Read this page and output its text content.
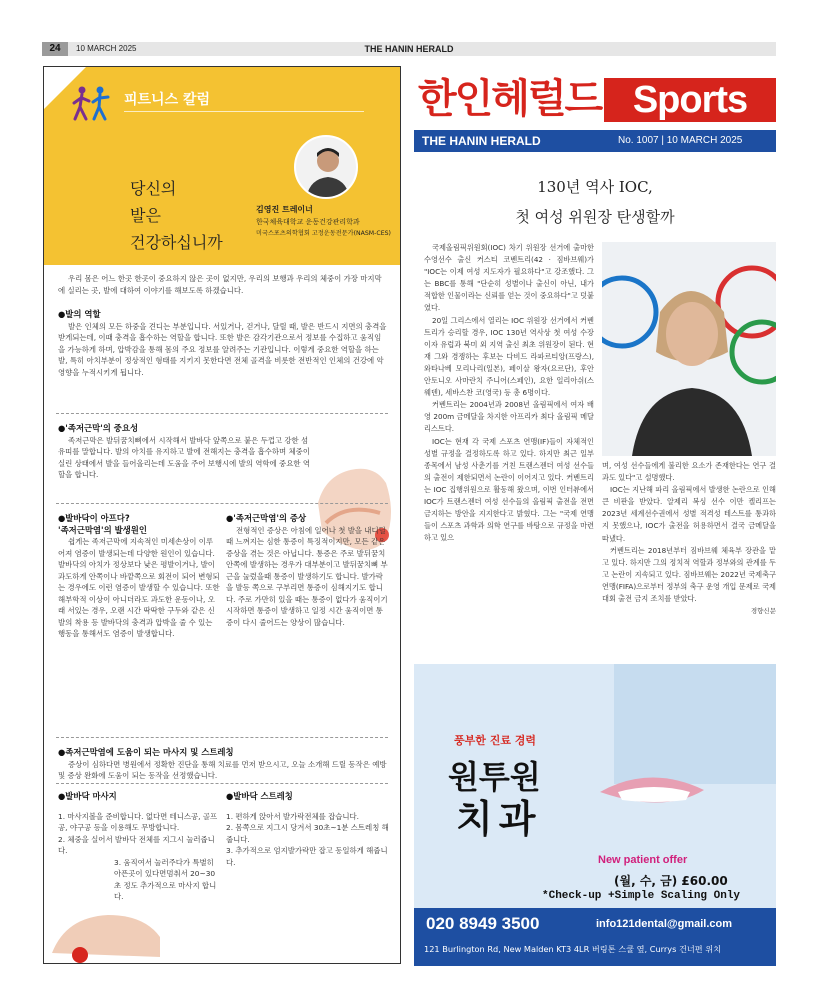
24	10 MARCH 2025	THE HANIN HERALD
피트니스 칼럼
당신의
발은
건강하십니까
김영진 트레이너
한국체육대학교 운동건강관리학과
미국스포츠의학협회 고정운동전문가(NASM-CES)

우리 몸은 어느 한곳 한곳이 중요하지 않은 곳이 없지만, 우리의 보행과 우리의 체중이 가장 마지막에 실리는 곳, 발에 대하여 이야기를 해보도록 하겠습니다.

●발의 역할

발은 인체의 모든 하중을 견디는 부분입니다. 서있거나, 걷거나, 달릴 때, 발은 반드시 지면의 충격을 받게되는데, 이때 충격을 흡수하는 역할을 합니다. 또한 발은 감각기관으로서 정보를 수집하고 움직임을 가능하게 하며, 압박감을 통해 몸의 주요 정보를 알려주는 기관입니다. 이렇게 중요한 역할을 하는 발, 특히 아치부분이 정상적인 형태를 지키지 못한다면 전체 골격을 비롯한 전반적인 인체의 건강에 악영향을 누적시키게 됩니다.

●'족저근막'의 중요성

족저근막은 발뒤꿈치뼈에서 시작해서 발바닥 앞쪽으로 붙은 두껍고 강한 섬유띠를 말합니다. 발의 아치를 유지하고 발에 전해지는 충격을 흡수하며 체중이 실린 상태에서 발을 들어올리는데 도움을 주어 보행시에 발의 역학에 중요한 역할을 합니다.

●발바닥이 아프다?
'족저근막염'의 발생원인

쉽게는 족저근막에 지속적인 미세손상이 이루어져 염증이 발생되는데 다양한 원인이 있습니다. 발바닥의 아치가 정상보다 낮은 평발이거나, 발이 과도하게 안쪽이나 바깥쪽으로 회전이 되어 변형되는 경우에도 이런 염증이 발생할 수 있습니다. 또한 해부학적 이상이 아니더라도 과도한 운동이나, 오래 서있는 경우, 오랜 시간 딱딱한 구두와 같은 신발의 착용 등 발바닥의 충격과 압박을 줄 수 있는 행동을 통해서도 염증이 발생합니다.

●'족저근막염'의 증상

전형적인 증상은 아침에 일어나 첫 발을 내디딜 때 느껴지는 심한 통증이 특징적이지만, 모든 같은 증상을 겪는 것은 아닙니다. 통증은 주로 발뒤꿈치 안쪽에 발생하는 경우가 대부분이고 발뒤꿈치뼈 부근을 눌렀을때 통증이 발생하기도 합니다. 발가락을 발등 쪽으로 구부리면 통증이 심해지기도 합니다. 주로 가만히 있을 때는 통증이 없다가 움직이기 시작하면 통증이 발생하고 일정 시간 움직이면 통증이 다시 줄어드는 양상이 많습니다.

●족저근막염에 도움이 되는 마사지 및 스트레칭

증상이 심하다면 병원에서 정확한 진단을 통해 치료를 먼저 받으시고, 오늘 소개해 드릴 동작은 예방 및 증상 완화에 도움이 되는 동작을 선정했습니다.

●발바닥 마사지
1. 마사지볼을 준비합니다. 없다면 테니스공, 골프공, 야구공 등을 이용해도 무방합니다.
2. 체중을 실어서 발바닥 전체를 지그시 눌러줍니다.
3. 움직여서 눌러주다가 특별히 아픈곳이 있다면멈춰서 20~30초 정도 추가적으로 마사지 합니다.
●발바닥 스트레칭
1. 편하게 앉아서 발가락전체를 잡습니다.
2. 몸쪽으로 지그시 당겨서 30초~1분 스트레칭 해줍니다.
3. 추가적으로 엄지발가락만 잡고 동일하게 해줍니다.
한인헤럴드 Sports
THE HANIN HERALD	No. 1007 | 10 MARCH 2025
130년 역사 IOC,
첫 여성 위원장 탄생할까

국제올림픽위원회(IOC) 차기 위원장 선거에 출마한 수영선수 출신 커스티 코벤트리(42 · 짐바브웨)가 "IOC는 이제 여성 지도자가 필요하다"고 강조했다. 그는 BBC를 통해 "단순히 성별이나 출신이 아닌, 내가 적합한 인물이라는 신뢰를 얻는 것이 중요하다"고 덧붙였다.

20일 그리스에서 열리는 IOC 위원장 선거에서 커벤트리가 승리할 경우, IOC 130년 역사상 첫 여성 수장이자 유럽과 북미 외 지역 출신 최초 위원장이 된다. 현재 그와 경쟁하는 후보는 다비드 라파르티앙(프랑스), 와타나베 모리나리(일본), 페이살 왕자(요르단), 후안 안토니오 사마란치 주니어(스페인), 요한 일리아쉬(스웨덴), 세바스찬 코(영국) 등 총 6명이다.

커벤트리는 2004년과 2008년 올림픽에서 여자 배영 200m 금메달을 차지한 아프리카 최다 올림픽 메달리스트다.

IOC는 현재 각 국제 스포츠 연맹(IF)들이 자체적인 성별 규정을 결정하도록 하고 있다. 하지만 최근 일부 종목에서 남성 사춘기를 거친 트랜스젠더 여성 선수들의 출전이 제한되면서 논란이 이어지고 있다. 커벤트리는 IOC 집행위원으로 활동해 왔으며, 이번 인터뷰에서 IOC가 트랜스젠더 여성 선수들의 올림픽 출전을 전면 금지하는 방안을 지지한다고 밝혔다. 그는 "국제 연맹들이 스포츠 과학과 의학 연구를 바탕으로 규정을 마련하고 있으

며, 여성 선수들에게 불리한 요소가 존재한다는 연구 결과도 있다"고 설명했다.

IOC는 지난해 파리 올림픽에서 발생한 논란으로 인해 큰 비판을 받았다. 알제리 복싱 선수 이만 켈리프는 2023년 세계선수권에서 성별 적격성 테스트를 통과하지 못했으나, IOC가 출전을 허용하면서 결국 금메달을 따냈다.

커벤트리는 2018년부터 짐바브웨 체육부 장관을 맡고 있다. 하지만 그의 정치적 역할과 정부와의 관계를 두고 논란이 지속되고 있다. 짐바브웨는 2022년 국제축구연맹(FIFA)으로부터 정부의 축구 운영 개입 문제로 국제 대회 출전 금지 조치를 받았다.

경향신문
풍부한 진료 경력
원투원
치과
New patient offer
(월, 수, 금) £60.00
*Check-up +Simple Scaling Only
020 8949 3500	info121dental@gmail.com
121 Burlington Rd, New Malden KT3 4LR 버링톤 스쿨 옆, Currys 건너편 위치
